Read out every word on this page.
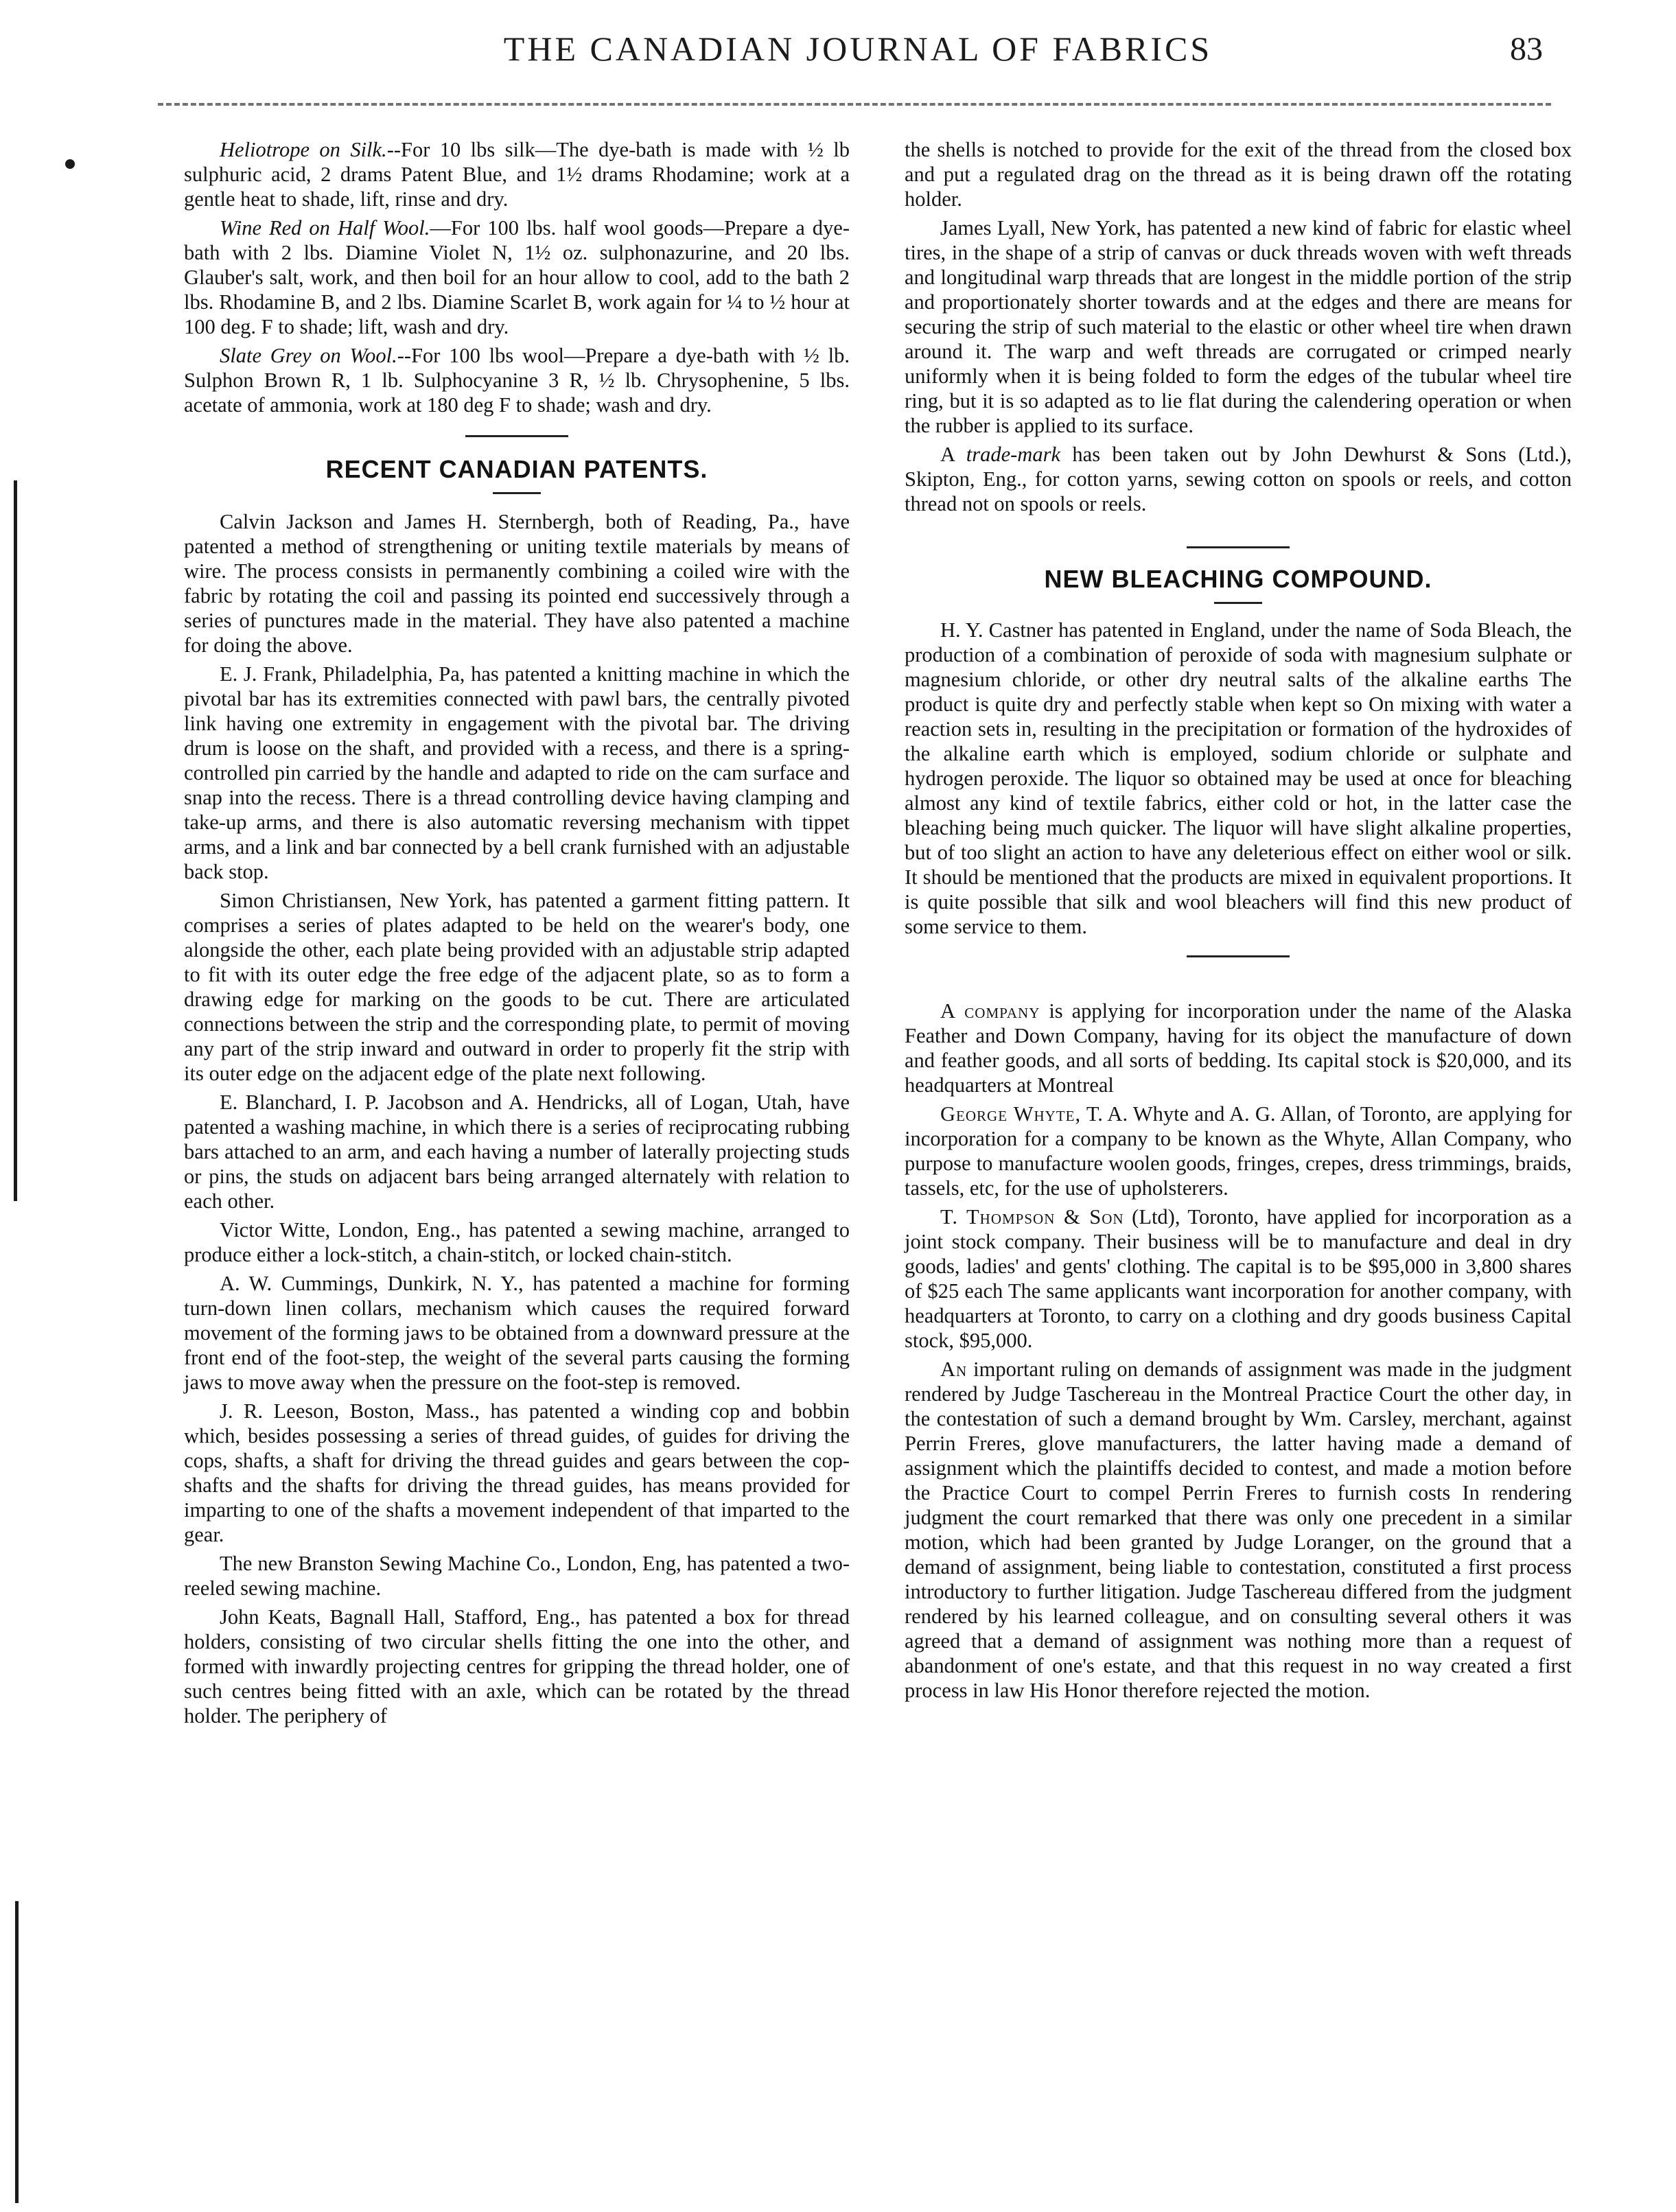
THE CANADIAN JOURNAL OF FABRICS	83

Heliotrope on Silk.--For 10 lbs silk—The dye-bath is made with ½ lb sulphuric acid, 2 drams Patent Blue, and 1½ drams Rhodamine; work at a gentle heat to shade, lift, rinse and dry.

Wine Red on Half Wool.—For 100 lbs. half wool goods—Prepare a dye-bath with 2 lbs. Diamine Violet N, 1½ oz. sulphonazurine, and 20 lbs. Glauber's salt, work, and then boil for an hour allow to cool, add to the bath 2 lbs. Rhodamine B, and 2 lbs. Diamine Scarlet B, work again for ¼ to ½ hour at 100 deg. F to shade; lift, wash and dry.

Slate Grey on Wool.--For 100 lbs wool—Prepare a dye-bath with ½ lb. Sulphon Brown R, 1 lb. Sulphocyanine 3 R, ½ lb. Chrysophenine, 5 lbs. acetate of ammonia, work at 180 deg F to shade; wash and dry.

RECENT CANADIAN PATENTS.

Calvin Jackson and James H. Sternbergh, both of Reading, Pa., have patented a method of strengthening or uniting textile materials by means of wire. The process consists in permanently combining a coiled wire with the fabric by rotating the coil and passing its pointed end successively through a series of punctures made in the material. They have also patented a machine for doing the above.

E. J. Frank, Philadelphia, Pa, has patented a knitting machine in which the pivotal bar has its extremities connected with pawl bars, the centrally pivoted link having one extremity in engagement with the pivotal bar. The driving drum is loose on the shaft, and provided with a recess, and there is a spring-controlled pin carried by the handle and adapted to ride on the cam surface and snap into the recess. There is a thread controlling device having clamping and take-up arms, and there is also automatic reversing mechanism with tippet arms, and a link and bar connected by a bell crank furnished with an adjustable back stop.

Simon Christiansen, New York, has patented a garment fitting pattern. It comprises a series of plates adapted to be held on the wearer's body, one alongside the other, each plate being provided with an adjustable strip adapted to fit with its outer edge the free edge of the adjacent plate, so as to form a drawing edge for marking on the goods to be cut. There are articulated connections between the strip and the corresponding plate, to permit of moving any part of the strip inward and outward in order to properly fit the strip with its outer edge on the adjacent edge of the plate next following.

E. Blanchard, I. P. Jacobson and A. Hendricks, all of Logan, Utah, have patented a washing machine, in which there is a series of reciprocating rubbing bars attached to an arm, and each having a number of laterally projecting studs or pins, the studs on adjacent bars being arranged alternately with relation to each other.

Victor Witte, London, Eng., has patented a sewing machine, arranged to produce either a lock-stitch, a chain-stitch, or locked chain-stitch.

A. W. Cummings, Dunkirk, N. Y., has patented a machine for forming turn-down linen collars, mechanism which causes the required forward movement of the forming jaws to be obtained from a downward pressure at the front end of the foot-step, the weight of the several parts causing the forming jaws to move away when the pressure on the foot-step is removed.

J. R. Leeson, Boston, Mass., has patented a winding cop and bobbin which, besides possessing a series of thread guides, of guides for driving the cops, shafts, a shaft for driving the thread guides and gears between the cop-shafts and the shafts for driving the thread guides, has means provided for imparting to one of the shafts a movement independent of that imparted to the gear.

The new Branston Sewing Machine Co., London, Eng, has patented a two-reeled sewing machine.

John Keats, Bagnall Hall, Stafford, Eng., has patented a box for thread holders, consisting of two circular shells fitting the one into the other, and formed with inwardly projecting centres for gripping the thread holder, one of such centres being fitted with an axle, which can be rotated by the thread holder. The periphery of

the shells is notched to provide for the exit of the thread from the closed box and put a regulated drag on the thread as it is being drawn off the rotating holder.

James Lyall, New York, has patented a new kind of fabric for elastic wheel tires, in the shape of a strip of canvas or duck threads woven with weft threads and longitudinal warp threads that are longest in the middle portion of the strip and proportionately shorter towards and at the edges and there are means for securing the strip of such material to the elastic or other wheel tire when drawn around it. The warp and weft threads are corrugated or crimped nearly uniformly when it is being folded to form the edges of the tubular wheel tire ring, but it is so adapted as to lie flat during the calendering operation or when the rubber is applied to its surface.

A trade-mark has been taken out by John Dewhurst & Sons (Ltd.), Skipton, Eng., for cotton yarns, sewing cotton on spools or reels, and cotton thread not on spools or reels.

NEW BLEACHING COMPOUND.

H. Y. Castner has patented in England, under the name of Soda Bleach, the production of a combination of peroxide of soda with magnesium sulphate or magnesium chloride, or other dry neutral salts of the alkaline earths The product is quite dry and perfectly stable when kept so On mixing with water a reaction sets in, resulting in the precipitation or formation of the hydroxides of the alkaline earth which is employed, sodium chloride or sulphate and hydrogen peroxide. The liquor so obtained may be used at once for bleaching almost any kind of textile fabrics, either cold or hot, in the latter case the bleaching being much quicker. The liquor will have slight alkaline properties, but of too slight an action to have any deleterious effect on either wool or silk. It should be mentioned that the products are mixed in equivalent proportions. It is quite possible that silk and wool bleachers will find this new product of some service to them.

A company is applying for incorporation under the name of the Alaska Feather and Down Company, having for its object the manufacture of down and feather goods, and all sorts of bedding. Its capital stock is $20,000, and its headquarters at Montreal

George Whyte, T. A. Whyte and A. G. Allan, of Toronto, are applying for incorporation for a company to be known as the Whyte, Allan Company, who purpose to manufacture woolen goods, fringes, crepes, dress trimmings, braids, tassels, etc, for the use of upholsterers.

T. Thompson & Son (Ltd), Toronto, have applied for incorporation as a joint stock company. Their business will be to manufacture and deal in dry goods, ladies' and gents' clothing. The capital is to be $95,000 in 3,800 shares of $25 each The same applicants want incorporation for another company, with headquarters at Toronto, to carry on a clothing and dry goods business Capital stock, $95,000.

An important ruling on demands of assignment was made in the judgment rendered by Judge Taschereau in the Montreal Practice Court the other day, in the contestation of such a demand brought by Wm. Carsley, merchant, against Perrin Freres, glove manufacturers, the latter having made a demand of assignment which the plaintiffs decided to contest, and made a motion before the Practice Court to compel Perrin Freres to furnish costs In rendering judgment the court remarked that there was only one precedent in a similar motion, which had been granted by Judge Loranger, on the ground that a demand of assignment, being liable to contestation, constituted a first process introductory to further litigation. Judge Taschereau differed from the judgment rendered by his learned colleague, and on consulting several others it was agreed that a demand of assignment was nothing more than a request of abandonment of one's estate, and that this request in no way created a first process in law His Honor therefore rejected the motion.
